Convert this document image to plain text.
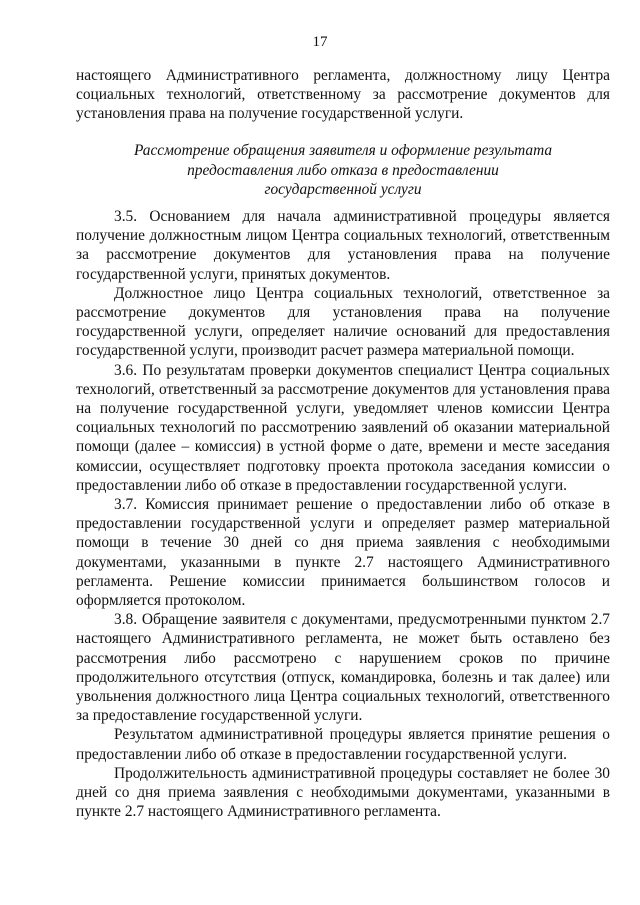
17

настоящего Административного регламента, должностному лицу Центра социальных технологий, ответственному за рассмотрение документов для установления права на получение государственной услуги.

Рассмотрение обращения заявителя и оформление результата
предоставления либо отказа в предоставлении
государственной услуги

3.5. Основанием для начала административной процедуры является получение должностным лицом Центра социальных технологий, ответственным за рассмотрение документов для установления права на получение государственной услуги, принятых документов.

Должностное лицо Центра социальных технологий, ответственное за рассмотрение документов для установления права на получение государственной услуги, определяет наличие оснований для предоставления государственной услуги, производит расчет размера материальной помощи.

3.6. По результатам проверки документов специалист Центра социальных технологий, ответственный за рассмотрение документов для установления права на получение государственной услуги, уведомляет членов комиссии Центра социальных технологий по рассмотрению заявлений об оказании материальной помощи (далее – комиссия) в устной форме о дате, времени и месте заседания комиссии, осуществляет подготовку проекта протокола заседания комиссии о предоставлении либо об отказе в предоставлении государственной услуги.

3.7. Комиссия принимает решение о предоставлении либо об отказе в предоставлении государственной услуги и определяет размер материальной помощи в течение 30 дней со дня приема заявления с необходимыми документами, указанными в пункте 2.7 настоящего Административного регламента. Решение комиссии принимается большинством голосов и оформляется протоколом.

3.8. Обращение заявителя с документами, предусмотренными пунктом 2.7 настоящего Административного регламента, не может быть оставлено без рассмотрения либо рассмотрено с нарушением сроков по причине продолжительного отсутствия (отпуск, командировка, болезнь и так далее) или увольнения должностного лица Центра социальных технологий, ответственного за предоставление государственной услуги.

Результатом административной процедуры является принятие решения о предоставлении либо об отказе в предоставлении государственной услуги.

Продолжительность административной процедуры составляет не более 30 дней со дня приема заявления с необходимыми документами, указанными в пункте 2.7 настоящего Административного регламента.
